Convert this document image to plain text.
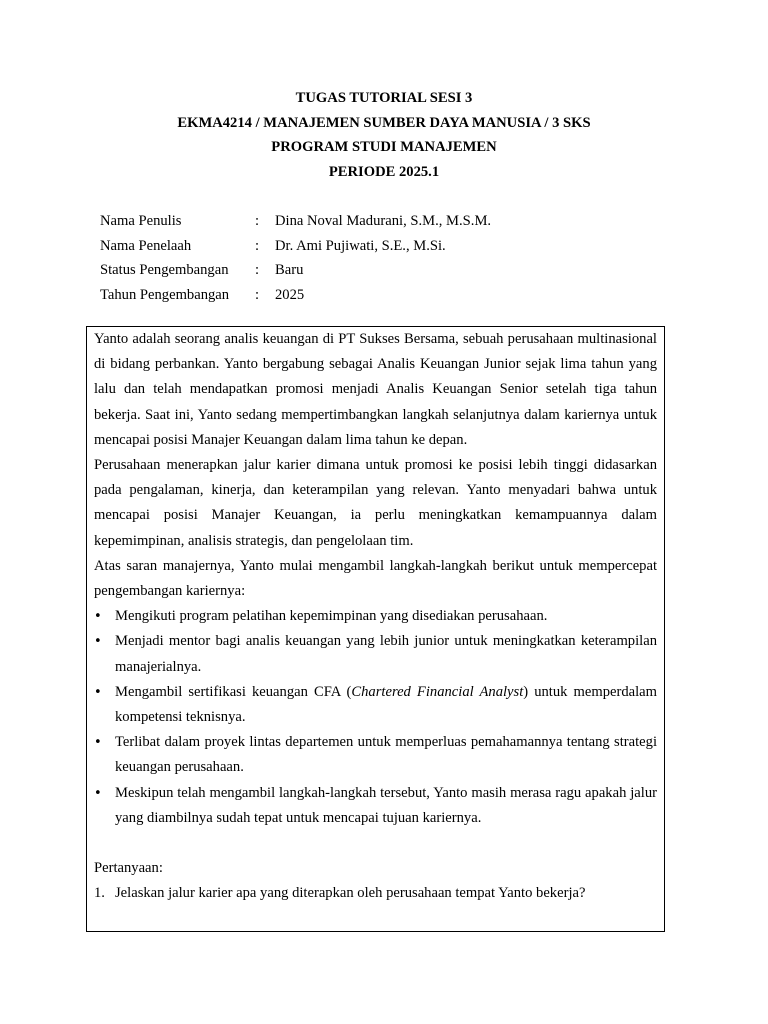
TUGAS TUTORIAL SESI 3
EKMA4214 / MANAJEMEN SUMBER DAYA MANUSIA / 3 SKS
PROGRAM STUDI MANAJEMEN
PERIODE 2025.1
Nama Penulis	:	Dina Noval Madurani, S.M., M.S.M.
Nama Penelaah	:	Dr. Ami Pujiwati, S.E., M.Si.
Status Pengembangan	:	Baru
Tahun Pengembangan	:	2025

Yanto adalah seorang analis keuangan di PT Sukses Bersama, sebuah perusahaan multinasional di bidang perbankan. Yanto bergabung sebagai Analis Keuangan Junior sejak lima tahun yang lalu dan telah mendapatkan promosi menjadi Analis Keuangan Senior setelah tiga tahun bekerja. Saat ini, Yanto sedang mempertimbangkan langkah selanjutnya dalam kariernya untuk mencapai posisi Manajer Keuangan dalam lima tahun ke depan.

Perusahaan menerapkan jalur karier dimana untuk promosi ke posisi lebih tinggi didasarkan pada pengalaman, kinerja, dan keterampilan yang relevan. Yanto menyadari bahwa untuk mencapai posisi Manajer Keuangan, ia perlu meningkatkan kemampuannya dalam kepemimpinan, analisis strategis, dan pengelolaan tim.

Atas saran manajernya, Yanto mulai mengambil langkah-langkah berikut untuk mempercepat pengembangan kariernya:

• Mengikuti program pelatihan kepemimpinan yang disediakan perusahaan.
• Menjadi mentor bagi analis keuangan yang lebih junior untuk meningkatkan keterampilan manajerialnya.
• Mengambil sertifikasi keuangan CFA (Chartered Financial Analyst) untuk memperdalam kompetensi teknisnya.
• Terlibat dalam proyek lintas departemen untuk memperluas pemahamannya tentang strategi keuangan perusahaan.
• Meskipun telah mengambil langkah-langkah tersebut, Yanto masih merasa ragu apakah jalur yang diambilnya sudah tepat untuk mencapai tujuan kariernya.
Pertanyaan:
1. Jelaskan jalur karier apa yang diterapkan oleh perusahaan tempat Yanto bekerja?
